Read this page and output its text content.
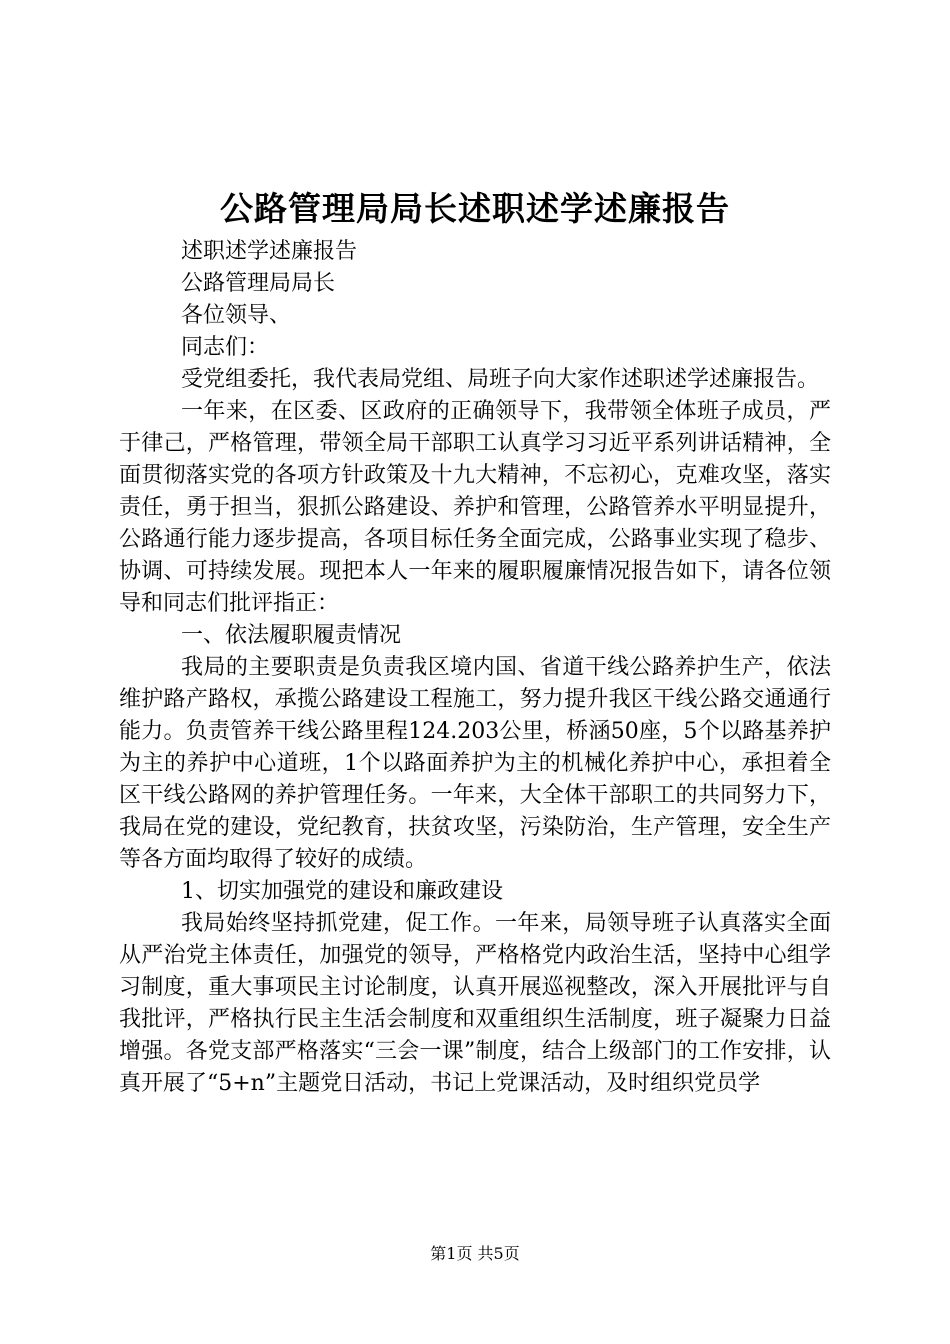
公路管理局局长述职述学述廉报告
述职述学述廉报告
公路管理局局长
各位领导、
同志们：
受党组委托，我代表局党组、局班子向大家作述职述学述廉报告。
一年来，在区委、区政府的正确领导下，我带领全体班子成员，严于律己，严格管理，带领全局干部职工认真学习习近平系列讲话精神，全面贯彻落实党的各项方针政策及十九大精神，不忘初心，克难攻坚，落实责任，勇于担当，狠抓公路建设、养护和管理，公路管养水平明显提升，公路通行能力逐步提高，各项目标任务全面完成，公路事业实现了稳步、协调、可持续发展。现把本人一年来的履职履廉情况报告如下，请各位领导和同志们批评指正：
一、依法履职履责情况
我局的主要职责是负责我区境内国、省道干线公路养护生产，依法维护路产路权，承揽公路建设工程施工，努力提升我区干线公路交通通行能力。负责管养干线公路里程124.203公里，桥涵50座，5个以路基养护为主的养护中心道班，1个以路面养护为主的机械化养护中心，承担着全区干线公路网的养护管理任务。一年来，大全体干部职工的共同努力下，我局在党的建设，党纪教育，扶贫攻坚，污染防治，生产管理，安全生产等各方面均取得了较好的成绩。
1、切实加强党的建设和廉政建设
我局始终坚持抓党建，促工作。一年来，局领导班子认真落实全面从严治党主体责任，加强党的领导，严格格党内政治生活，坚持中心组学习制度，重大事项民主讨论制度，认真开展巡视整改，深入开展批评与自我批评，严格执行民主生活会制度和双重组织生活制度，班子凝聚力日益增强。各党支部严格落实“三会一课”制度，结合上级部门的工作安排，认真开展了“5+n”主题党日活动，书记上党课活动，及时组织党员学
第1页 共5页
